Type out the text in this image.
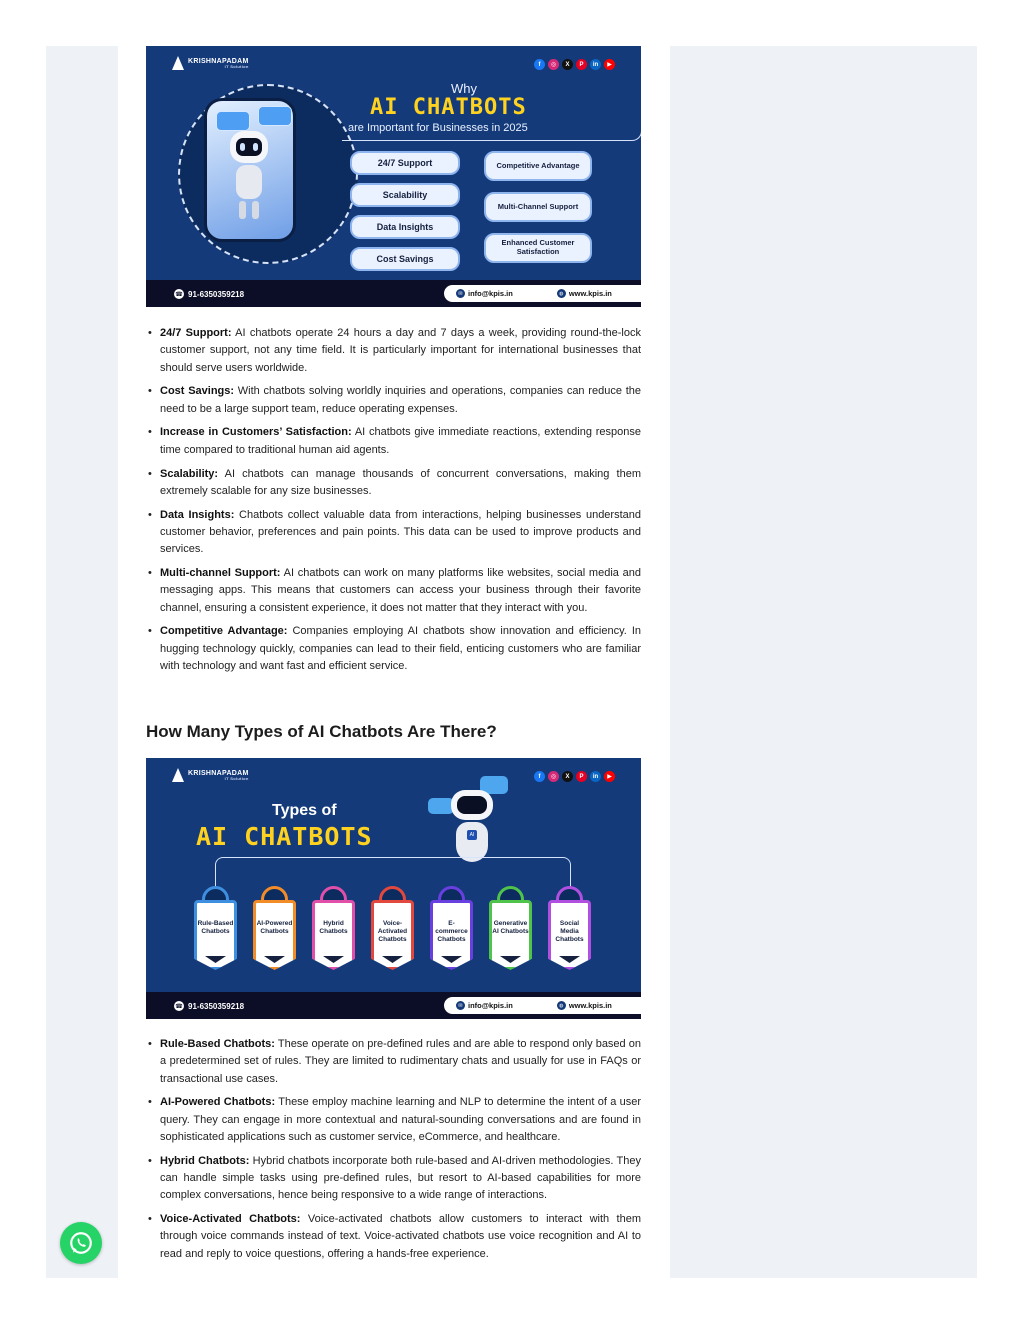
KRISHNAPADAM
IT Solution	f	◎	X	P	in	▶
Why
AI CHATBOTS
are Important for Businesses in 2025
24/7 Support
Scalability
Data Insights
Cost Savings
Competitive Advantage
Multi-Channel Support
Enhanced Customer Satisfaction
☎ 91-6350359218	✉ info@kpis.in	◍ www.kpis.in
• 24/7 Support: AI chatbots operate 24 hours a day and 7 days a week, providing round-the-lock customer support, not any time field. It is particularly important for international businesses that should serve users worldwide.
• Cost Savings: With chatbots solving worldly inquiries and operations, companies can reduce the need to be a large support team, reduce operating expenses.
• Increase in Customers’ Satisfaction: AI chatbots give immediate reactions, extending response time compared to traditional human aid agents.
• Scalability: AI chatbots can manage thousands of concurrent conversations, making them extremely scalable for any size businesses.
• Data Insights: Chatbots collect valuable data from interactions, helping businesses understand customer behavior, preferences and pain points. This data can be used to improve products and services.
• Multi-channel Support: AI chatbots can work on many platforms like websites, social media and messaging apps. This means that customers can access your business through their favorite channel, ensuring a consistent experience, it does not matter that they interact with you.
• Competitive Advantage: Companies employing AI chatbots show innovation and efficiency. In hugging technology quickly, companies can lead to their field, enticing customers who are familiar with technology and want fast and efficient service.
How Many Types of AI Chatbots Are There?
KRISHNAPADAM
IT Solution	f	◎	X	P	in	▶
Types of
AI CHATBOTS	AI
Rule-Based Chatbots
AI-Powered Chatbots
Hybrid Chatbots
Voice-Activated Chatbots
E-commerce Chatbots
Generative AI Chatbots
Social Media Chatbots
☎ 91-6350359218	✉ info@kpis.in	◍ www.kpis.in
• Rule-Based Chatbots: These operate on pre-defined rules and are able to respond only based on a predetermined set of rules. They are limited to rudimentary chats and usually for use in FAQs or transactional use cases.
• AI-Powered Chatbots: These employ machine learning and NLP to determine the intent of a user query. They can engage in more contextual and natural-sounding conversations and are found in sophisticated applications such as customer service, eCommerce, and healthcare.
• Hybrid Chatbots: Hybrid chatbots incorporate both rule-based and AI-driven methodologies. They can handle simple tasks using pre-defined rules, but resort to AI-based capabilities for more complex conversations, hence being responsive to a wide range of interactions.
• Voice-Activated Chatbots: Voice-activated chatbots allow customers to interact with them through voice commands instead of text. Voice-activated chatbots use voice recognition and AI to read and reply to voice questions, offering a hands-free experience.
